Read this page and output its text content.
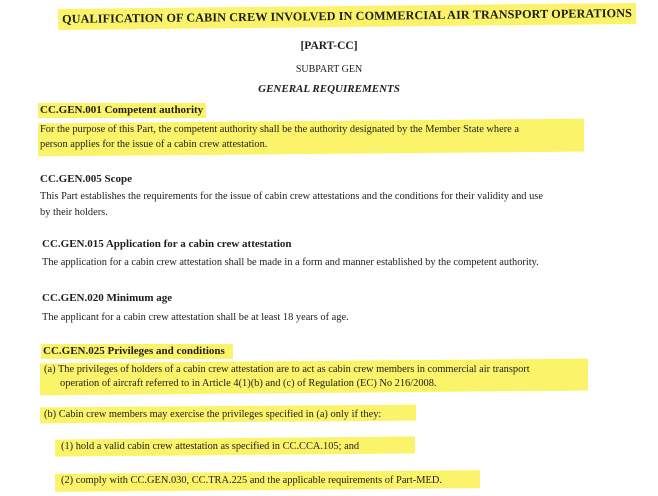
QUALIFICATION OF CABIN CREW INVOLVED IN COMMERCIAL AIR TRANSPORT OPERATIONS
[PART-CC]
SUBPART GEN
GENERAL REQUIREMENTS
CC.GEN.001 Competent authority
For the purpose of this Part, the competent authority shall be the authority designated by the Member State where a
person applies for the issue of a cabin crew attestation.
CC.GEN.005 Scope
This Part establishes the requirements for the issue of cabin crew attestations and the conditions for their validity and use
by their holders.
CC.GEN.015 Application for a cabin crew attestation
The application for a cabin crew attestation shall be made in a form and manner established by the competent authority.
CC.GEN.020 Minimum age
The applicant for a cabin crew attestation shall be at least 18 years of age.
CC.GEN.025 Privileges and conditions
(a) The privileges of holders of a cabin crew attestation are to act as cabin crew members in commercial air transport
operation of aircraft referred to in Article 4(1)(b) and (c) of Regulation (EC) No 216/2008.
(b) Cabin crew members may exercise the privileges specified in (a) only if they:
(1) hold a valid cabin crew attestation as specified in CC.CCA.105; and
(2) comply with CC.GEN.030, CC.TRA.225 and the applicable requirements of Part-MED.
